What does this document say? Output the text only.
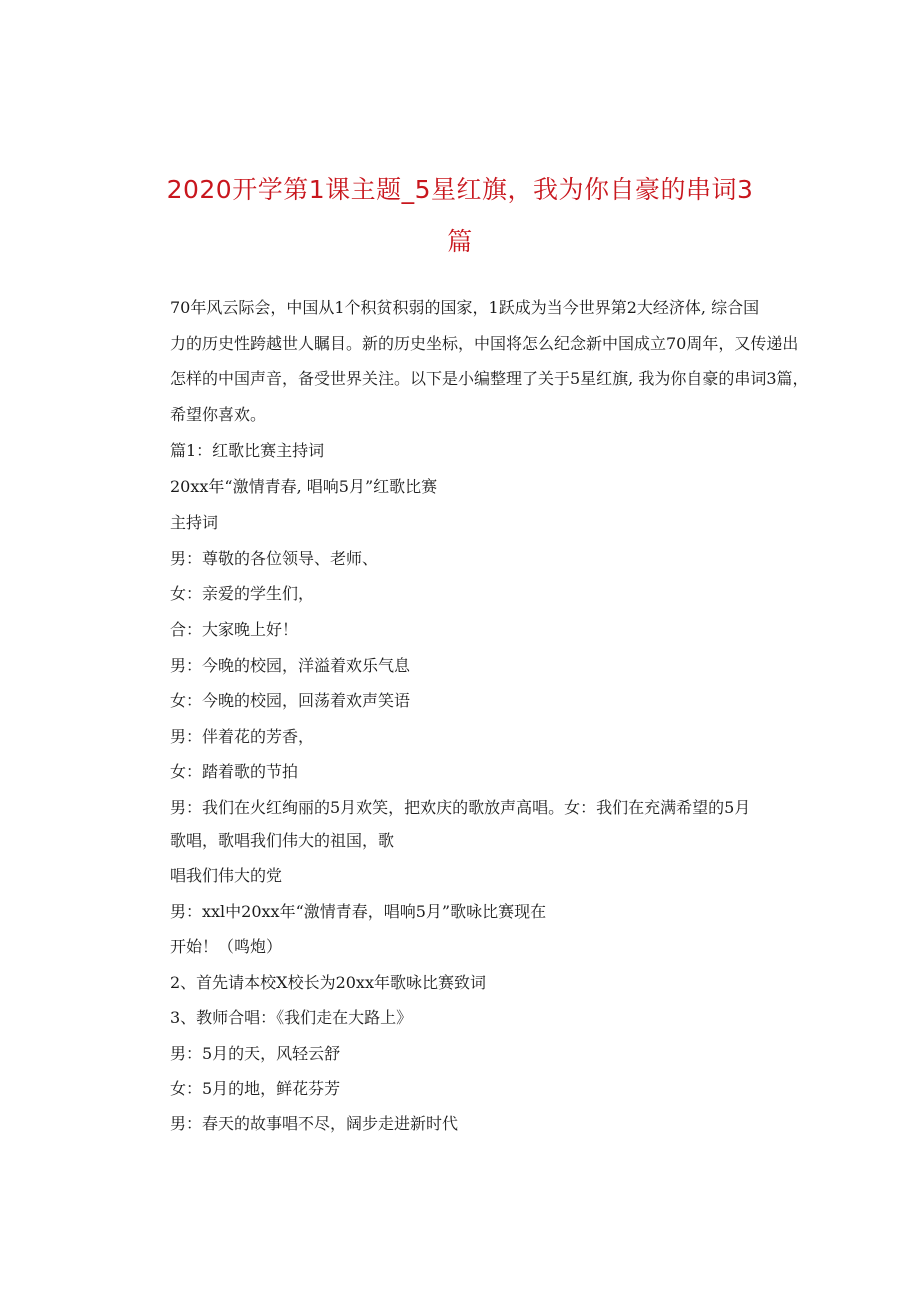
2020开学第1课主题_5星红旗，我为你自豪的串词3
篇
70年风云际会，中国从1个积贫积弱的国家，1跃成为当今世界第2大经济体, 综合国
力的历史性跨越世人瞩目。新的历史坐标，中国将怎么纪念新中国成立70周年，又传递出
怎样的中国声音，备受世界关注。以下是小编整理了关于5星红旗, 我为你自豪的串词3篇，
希望你喜欢。
篇1：红歌比赛主持词
20xx年“激情青春, 唱响5月”红歌比赛
主持词
男：尊敬的各位领导、老师、
女：亲爱的学生们，
合：大家晚上好！
男：今晚的校园，洋溢着欢乐气息
女：今晚的校园，回荡着欢声笑语
男：伴着花的芳香，
女：踏着歌的节拍
男：我们在火红绚丽的5月欢笑，把欢庆的歌放声高唱。女：我们在充满希望的5月
歌唱，歌唱我们伟大的祖国，歌
唱我们伟大的党
男：xxl中20xx年“激情青春，唱响5月”歌咏比赛现在
开始！（鸣炮）
2、首先请本校X校长为20xx年歌咏比赛致词
3、教师合唱：《我们走在大路上》
男：5月的天，风轻云舒
女：5月的地，鲜花芬芳
男：春天的故事唱不尽，阔步走进新时代
